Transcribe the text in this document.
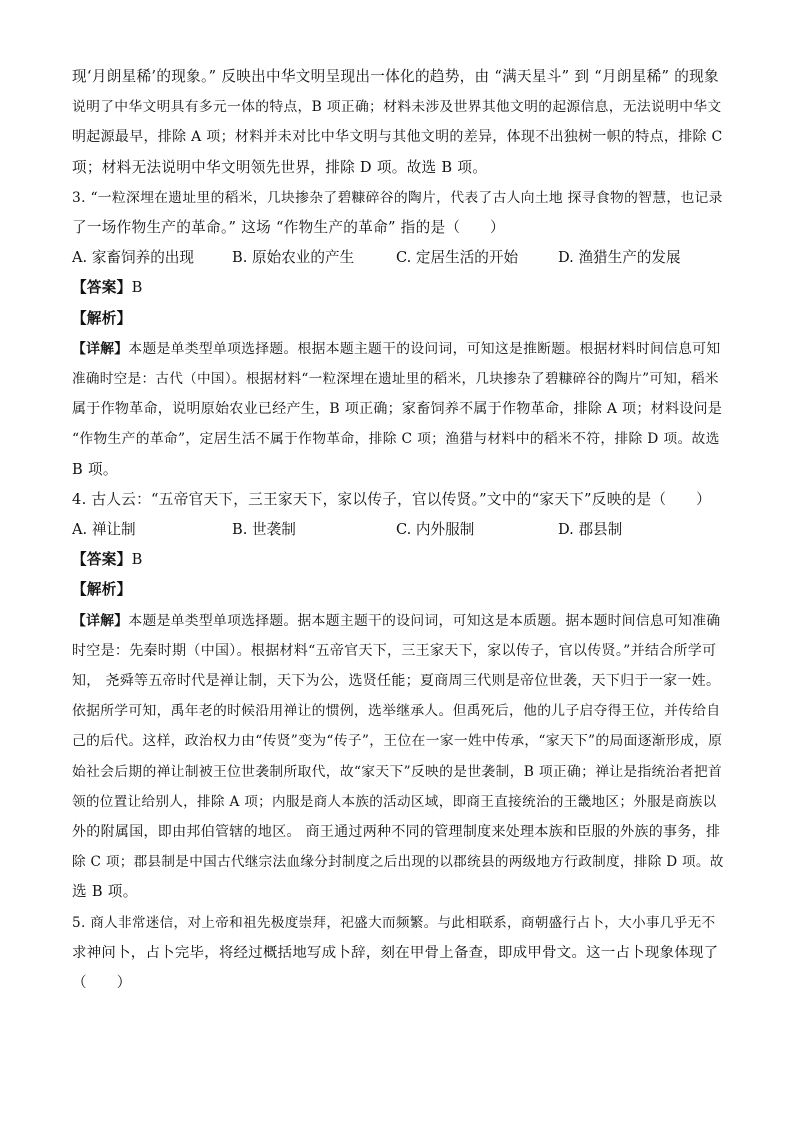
现‘月朗星稀’的现象。” 反映出中华文明呈现出一体化的趋势，由 “满天星斗” 到 “月朗星稀” 的现象
说明了中华文明具有多元一体的特点，B 项正确；材料未涉及世界其他文明的起源信息，无法说明中华文
明起源最早，排除 A 项；材料并未对比中华文明与其他文明的差异，体现不出独树一帜的特点，排除 C
项；材料无法说明中华文明领先世界，排除 D 项。故选 B 项。
3. “一粒深埋在遗址里的稻米，几块掺杂了碧糠碎谷的陶片，代表了古人向土地 探寻食物的智慧，也记录
了一场作物生产的革命。” 这场 “作物生产的革命” 指的是（　　）
A. 家畜饲养的出现	B. 原始农业的产生	C. 定居生活的开始	D. 渔猎生产的发展
【答案】B
【解析】
【详解】本题是单类型单项选择题。根据本题主题干的设问词，可知这是推断题。根据材料时间信息可知
准确时空是：古代（中国）。根据材料“一粒深埋在遗址里的稻米，几块掺杂了碧糠碎谷的陶片”可知，稻米
属于作物革命，说明原始农业已经产生，B 项正确；家畜饲养不属于作物革命，排除 A 项；材料设问是
“作物生产的革命”，定居生活不属于作物革命，排除 C 项；渔猎与材料中的稻米不符，排除 D 项。故选
B 项。
4. 古人云：“五帝官天下，三王家天下，家以传子，官以传贤。”文中的“家天下”反映的是（　　）
A. 禅让制	B. 世袭制	C. 内外服制	D. 郡县制
【答案】B
【解析】
【详解】本题是单类型单项选择题。据本题主题干的设问词，可知这是本质题。据本题时间信息可知准确
时空是：先秦时期（中国）。根据材料“五帝官天下，三王家天下，家以传子，官以传贤。”并结合所学可
知， 尧舜等五帝时代是禅让制，天下为公，选贤任能；夏商周三代则是帝位世袭，天下归于一家一姓。
依据所学可知，禹年老的时候沿用禅让的惯例，选举继承人。但禹死后，他的儿子启夺得王位，并传给自
己的后代。这样，政治权力由“传贤”变为“传子”，王位在一家一姓中传承，“家天下”的局面逐渐形成，原
始社会后期的禅让制被王位世袭制所取代，故“家天下”反映的是世袭制，B 项正确；禅让是指统治者把首
领的位置让给别人，排除 A 项；内服是商人本族的活动区域，即商王直接统治的王畿地区；外服是商族以
外的附属国，即由邦伯管辖的地区。 商王通过两种不同的管理制度来处理本族和臣服的外族的事务，排
除 C 项；郡县制是中国古代继宗法血缘分封制度之后出现的以郡统县的两级地方行政制度，排除 D 项。故
选 B 项。
5. 商人非常迷信，对上帝和祖先极度崇拜，祀盛大而频繁。与此相联系，商朝盛行占卜，大小事几乎无不
求神问卜，占卜完毕，将经过概括地写成卜辞，刻在甲骨上备查，即成甲骨文。这一占卜现象体现了
（　　）
